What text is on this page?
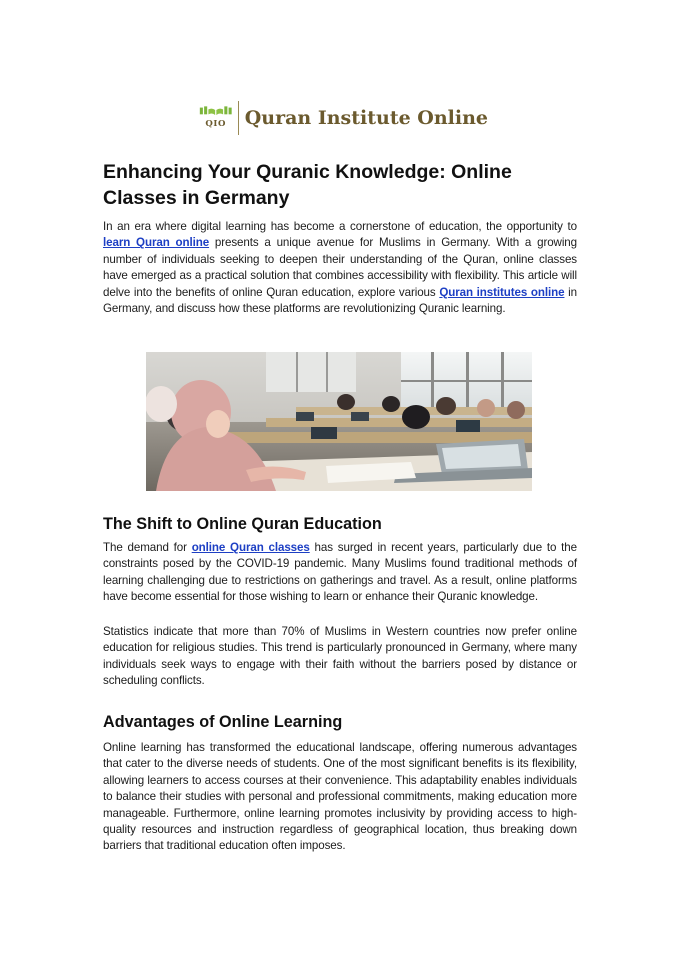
QIO Quran Institute Online
Enhancing Your Quranic Knowledge: Online Classes in Germany

In an era where digital learning has become a cornerstone of education, the opportunity to learn Quran online presents a unique avenue for Muslims in Germany. With a growing number of individuals seeking to deepen their understanding of the Quran, online classes have emerged as a practical solution that combines accessibility with flexibility. This article will delve into the benefits of online Quran education, explore various Quran institutes online in Germany, and discuss how these platforms are revolutionizing Quranic learning.

The Shift to Online Quran Education

The demand for online Quran classes has surged in recent years, particularly due to the constraints posed by the COVID-19 pandemic. Many Muslims found traditional methods of learning challenging due to restrictions on gatherings and travel. As a result, online platforms have become essential for those wishing to learn or enhance their Quranic knowledge.

Statistics indicate that more than 70% of Muslims in Western countries now prefer online education for religious studies. This trend is particularly pronounced in Germany, where many individuals seek ways to engage with their faith without the barriers posed by distance or scheduling conflicts.

Advantages of Online Learning

Online learning has transformed the educational landscape, offering numerous advantages that cater to the diverse needs of students. One of the most significant benefits is its flexibility, allowing learners to access courses at their convenience. This adaptability enables individuals to balance their studies with personal and professional commitments, making education more manageable. Furthermore, online learning promotes inclusivity by providing access to high-quality resources and instruction regardless of geographical location, thus breaking down barriers that traditional education often imposes.
